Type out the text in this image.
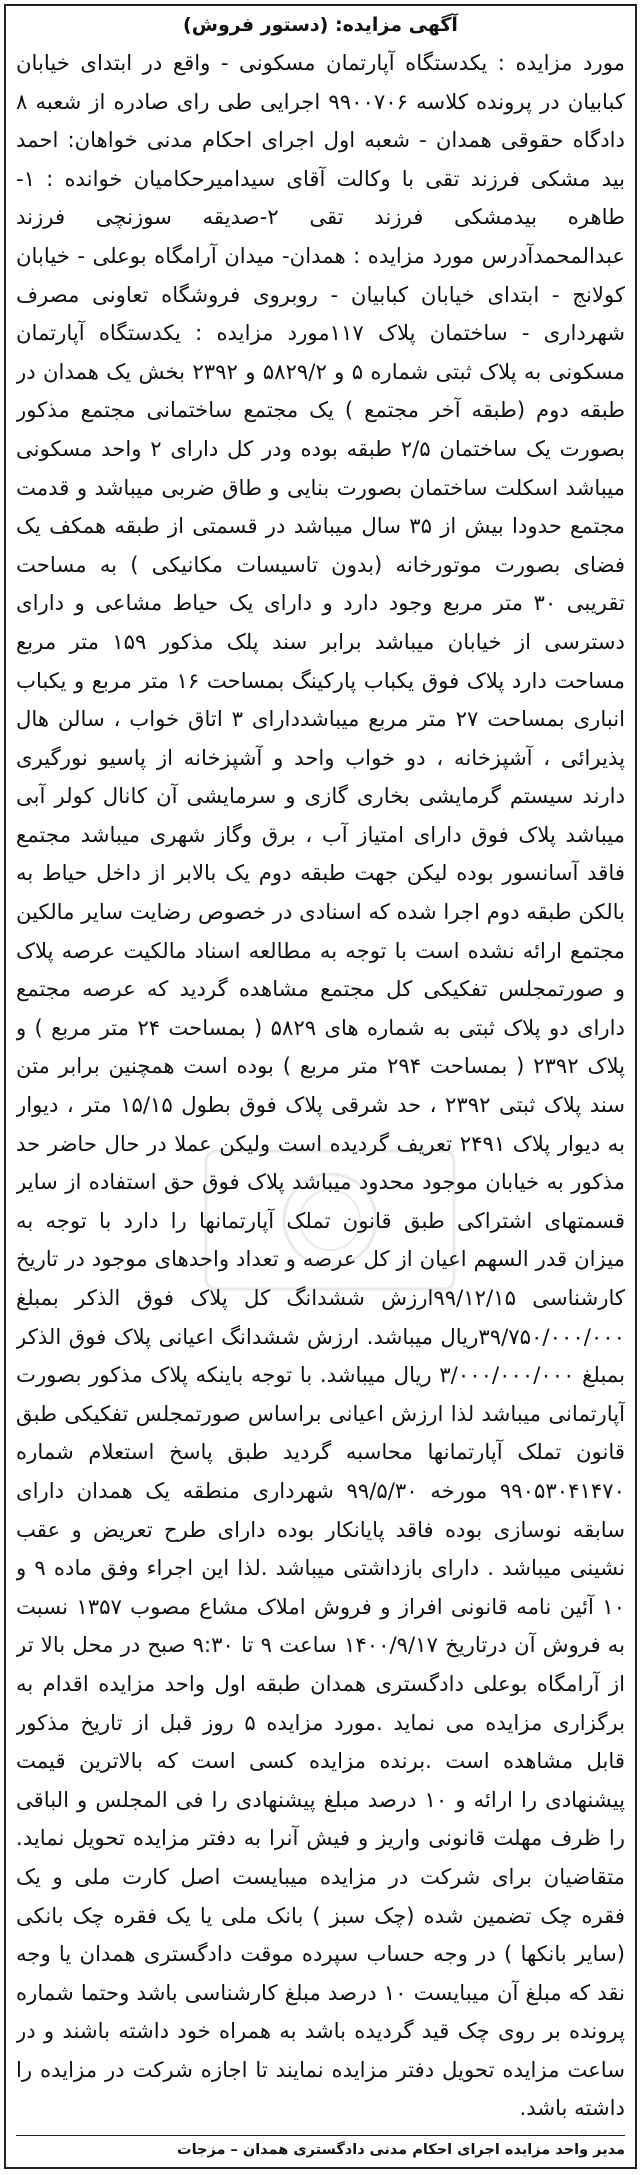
آگهی مزایده: (دستور فروش)

مورد مزایده : یکدستگاه آپارتمان مسکونی - واقع در ابتدای خیابان کبابیان در پرونده کلاسه ۹۹۰۰۷۰۶ اجرایی طی رای صادره از شعبه ۸ دادگاه حقوقی همدان - شعبه اول اجرای احکام مدنی خواهان: احمد بید مشکی فرزند تقی با وکالت آقای سیدامیرحکامیان خوانده : ۱- طاهره بیدمشکی فرزند تقی ۲-صدیقه سوزنچی فرزند عبدالمحمدآدرس مورد مزایده : همدان- میدان آرامگاه بوعلی - خیابان کولانج - ابتدای خیابان کبابیان - روبروی فروشگاه تعاونی مصرف شهرداری - ساختمان پلاک ۱۱۷مورد مزایده : یکدستگاه آپارتمان مسکونی به پلاک ثبتی شماره ۵ و ۵۸۲۹/۲ و ۲۳۹۲ بخش یک همدان در طبقه دوم (طبقه آخر مجتمع ) یک مجتمع ساختمانی مجتمع مذکور بصورت یک ساختمان ۲/۵ طبقه بوده ودر کل دارای ۲ واحد مسکونی میباشد اسکلت ساختمان بصورت بنایی و طاق ضربی میباشد و قدمت مجتمع حدودا بیش از ۳۵ سال میباشد در قسمتی از طبقه همکف یک فضای بصورت موتورخانه (بدون تاسیسات مکانیکی ) به مساحت تقریبی ۳۰ متر مربع وجود دارد و دارای یک حیاط مشاعی و دارای دسترسی از خیابان میباشد برابر سند پلک مذکور ۱۵۹ متر مربع مساحت دارد پلاک فوق یکباب پارکینگ بمساحت ۱۶ متر مربع و یکباب انباری بمساحت ۲۷ متر مربع میباشددارای ۳ اتاق خواب ، سالن هال پذیرائی ، آشپزخانه ، دو خواب واحد و آشپزخانه از پاسیو نورگیری دارند سیستم گرمایشی بخاری گازی و سرمایشی آن کانال کولر آبی میباشد پلاک فوق دارای امتیاز آب ، برق وگاز شهری میباشد مجتمع فاقد آسانسور بوده لیکن جهت طبقه دوم یک بالابر از داخل حیاط به بالکن طبقه دوم اجرا شده که اسنادی در خصوص رضایت سایر مالکین مجتمع ارائه نشده است با توجه به مطالعه اسناد مالکیت عرصه پلاک و صورتمجلس تفکیکی کل مجتمع مشاهده گردید که عرصه مجتمع دارای دو پلاک ثبتی به شماره های ۵۸۲۹ ( بمساحت ۲۴ متر مربع ) و پلاک ۲۳۹۲ ( بمساحت ۲۹۴ متر مربع ) بوده است همچنین برابر متن سند پلاک ثبتی ۲۳۹۲ ، حد شرقی پلاک فوق بطول ۱۵/۱۵ متر ، دیوار به دیوار پلاک ۲۴۹۱ تعریف گردیده است ولیکن عملا در حال حاضر حد مذکور به خیابان موجود محدود میباشد پلاک فوق حق استفاده از سایر قسمتهای اشتراکی طبق قانون تملک آپارتمانها را دارد با توجه به میزان قدر السهم اعیان از کل عرصه و تعداد واحدهای موجود در تاریخ کارشناسی ۹۹/۱۲/۱۵ارزش ششدانگ کل پلاک فوق الذکر بمبلغ ۳۹/۷۵۰/۰۰۰/۰۰۰ریال میباشد. ارزش ششدانگ اعیانی پلاک فوق الذکر بمبلغ ۳/۰۰۰/۰۰۰/۰۰۰ ریال میباشد. با توجه باینکه پلاک مذکور بصورت آپارتمانی میباشد لذا ارزش اعیانی براساس صورتمجلس تفکیکی طبق قانون تملک آپارتمانها محاسبه گردید طبق پاسخ استعلام شماره ۹۹۰۵۳۰۴۱۴۷۰ مورخه ۹۹/۵/۳۰ شهرداری منطقه یک همدان دارای سابقه نوسازی بوده فاقد پایانکار بوده دارای طرح تعریض و عقب نشینی میباشد . دارای بازداشتی میباشد .لذا این اجراء وفق ماده ۹ و ۱۰ آئین نامه قانونی افراز و فروش املاک مشاع مصوب ۱۳۵۷ نسبت به فروش آن درتاریخ ۱۴۰۰/۹/۱۷ ساعت ۹ تا ۹:۳۰ صبح در محل بالا تر از آرامگاه بوعلی دادگستری همدان طبقه اول واحد مزایده اقدام به برگزاری مزایده می نماید .مورد مزایده ۵ روز قبل از تاریخ مذکور قابل مشاهده است .برنده مزایده کسی است که بالاترین قیمت پیشنهادی را ارائه و ۱۰ درصد مبلغ پیشنهادی را فی المجلس و الباقی را ظرف مهلت قانونی واریز و فیش آنرا به دفتر مزایده تحویل نماید. متقاضیان برای شرکت در مزایده میبایست اصل کارت ملی و یک فقره چک تضمین شده (چک سبز ) بانک ملی یا یک فقره چک بانکی (سایر بانکها ) در وجه حساب سپرده موقت دادگستری همدان یا وجه نقد که مبلغ آن میبایست ۱۰ درصد مبلغ کارشناسی باشد وحتما شماره پرونده بر روی چک قید گردیده باشد به همراه خود داشته باشند و در ساعت مزایده تحویل دفتر مزایده نمایند تا اجازه شرکت در مزایده را داشته باشد.

مدیر واحد مزایده اجرای احکام مدنی دادگستری همدان – مزجات
